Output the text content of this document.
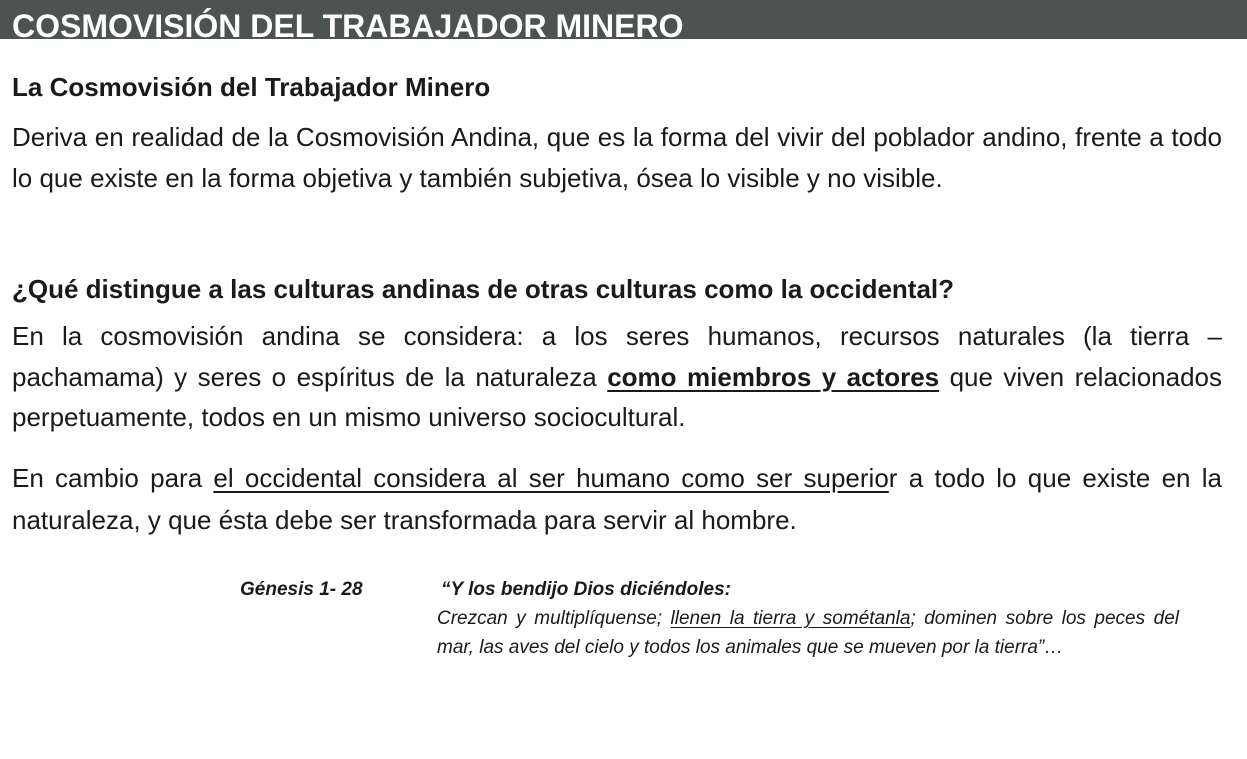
COSMOVISIÓN DEL TRABAJADOR MINERO
La Cosmovisión del Trabajador Minero
Deriva en realidad de la Cosmovisión Andina, que es la forma del vivir del poblador andino, frente a todo lo que existe en la forma objetiva y también subjetiva, ósea lo visible y no visible.
¿Qué distingue a las culturas andinas de otras culturas como la occidental?
En la cosmovisión andina se considera: a los seres humanos, recursos naturales (la tierra – pachamama) y seres o espíritus de la naturaleza como miembros y actores que viven relacionados perpetuamente, todos en un mismo universo sociocultural.
En cambio para el occidental considera al ser humano como ser superior a todo lo que existe en la naturaleza, y que ésta debe ser transformada para servir al hombre.
Génesis 1- 28	“Y los bendijo Dios diciéndoles:
Crezcan y multiplíquense; llenen la tierra y sométanla; dominen sobre los peces del mar, las aves del cielo y todos los animales que se mueven por la tierra”…
